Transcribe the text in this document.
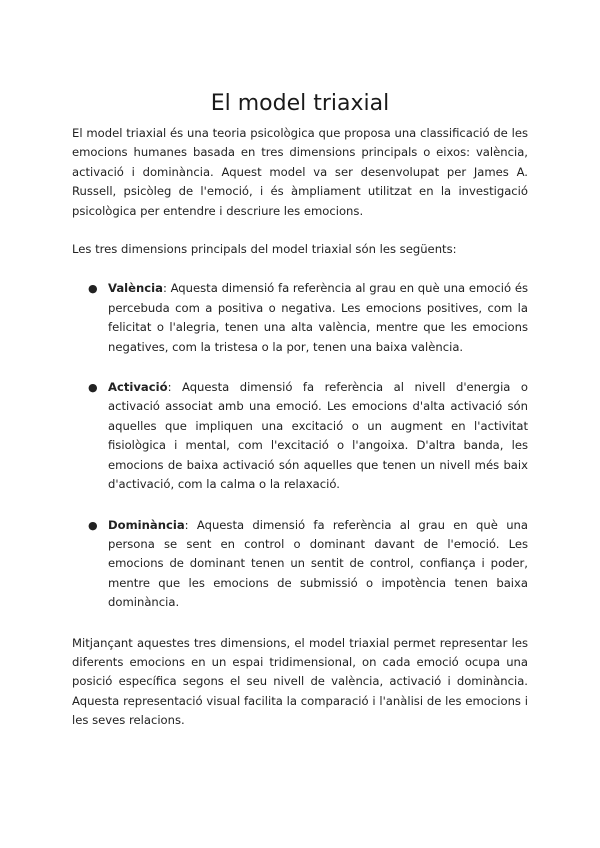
El model triaxial

El model triaxial és una teoria psicològica que proposa una classificació de les emocions humanes basada en tres dimensions principals o eixos: valència, activació i dominància. Aquest model va ser desenvolupat per James A. Russell, psicòleg de l'emoció, i és àmpliament utilitzat en la investigació psicològica per entendre i descriure les emocions.

Les tres dimensions principals del model triaxial són les següents:

● València: Aquesta dimensió fa referència al grau en què una emoció és percebuda com a positiva o negativa. Les emocions positives, com la felicitat o l'alegria, tenen una alta valència, mentre que les emocions negatives, com la tristesa o la por, tenen una baixa valència.
● Activació: Aquesta dimensió fa referència al nivell d'energia o activació associat amb una emoció. Les emocions d'alta activació són aquelles que impliquen una excitació o un augment en l'activitat fisiològica i mental, com l'excitació o l'angoixa. D'altra banda, les emocions de baixa activació són aquelles que tenen un nivell més baix d'activació, com la calma o la relaxació.
● Dominància: Aquesta dimensió fa referència al grau en què una persona se sent en control o dominant davant de l'emoció. Les emocions de dominant tenen un sentit de control, confiança i poder, mentre que les emocions de submissió o impotència tenen baixa dominància.

Mitjançant aquestes tres dimensions, el model triaxial permet representar les diferents emocions en un espai tridimensional, on cada emoció ocupa una posició específica segons el seu nivell de valència, activació i dominància. Aquesta representació visual facilita la comparació i l'anàlisi de les emocions i les seves relacions.
